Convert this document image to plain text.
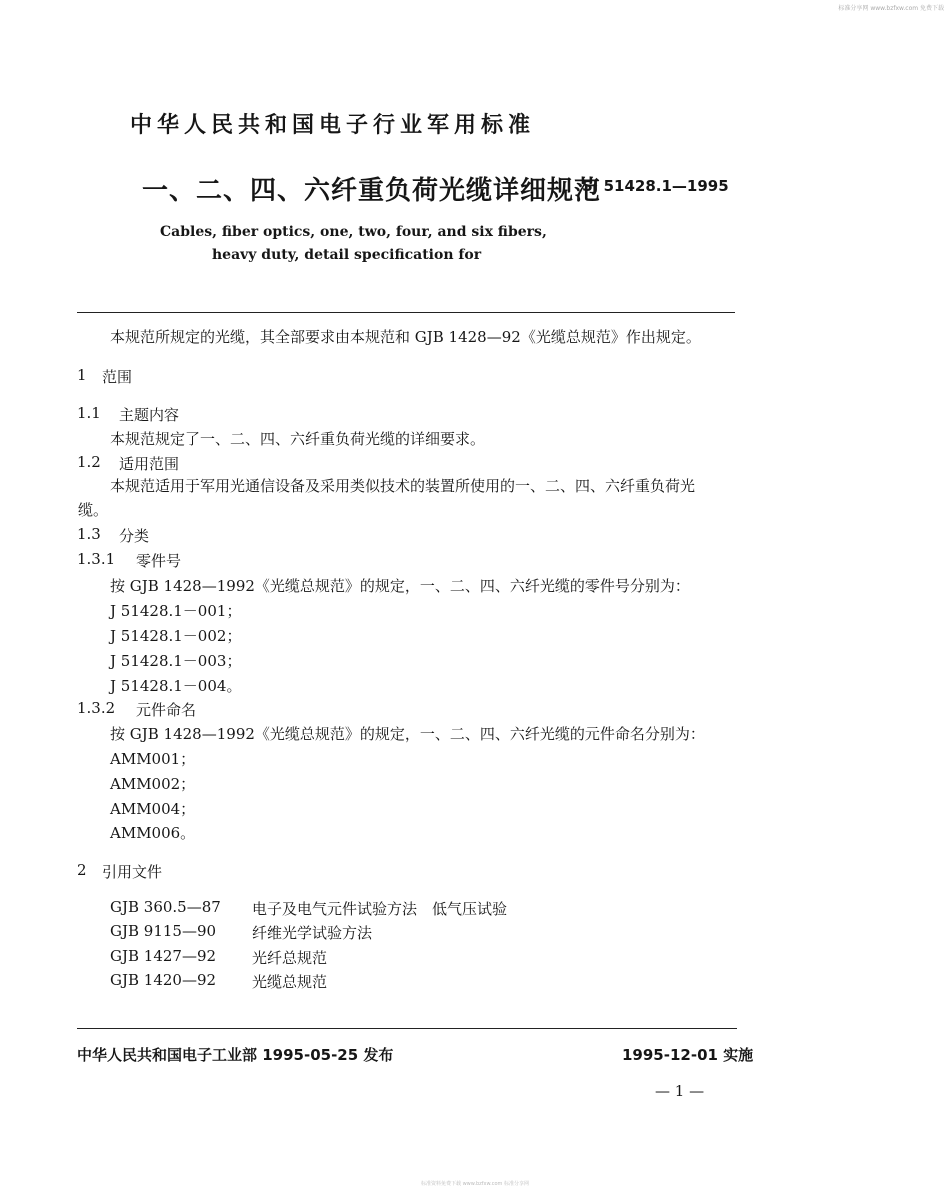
标准分享网 www.bzfxw.com 免费下载
中华人民共和国电子行业军用标准
一、二、四、六纤重负荷光缆详细规范
SJ 51428.1—1995
Cables, fiber optics, one, two, four, and six fibers,
heavy duty, detail specification for
本规范所规定的光缆，其全部要求由本规范和 GJB 1428—92《光缆总规范》作出规定。
1 范围
1.1 主题内容
本规范规定了一、二、四、六纤重负荷光缆的详细要求。
1.2 适用范围
本规范适用于军用光通信设备及采用类似技术的装置所使用的一、二、四、六纤重负荷光
缆。
1.3 分类
1.3.1 零件号
按 GJB 1428—1992《光缆总规范》的规定，一、二、四、六纤光缆的零件号分别为：
J 51428.1－001；
J 51428.1－002；
J 51428.1－003；
J 51428.1－004。
1.3.2 元件命名
按 GJB 1428—1992《光缆总规范》的规定，一、二、四、六纤光缆的元件命名分别为：
AMM001；
AMM002；
AMM004；
AMM006。
2 引用文件
GJB 360.5—87 电子及电气元件试验方法　低气压试验
GJB 9115—90 纤维光学试验方法
GJB 1427—92 光纤总规范
GJB 1420—92 光缆总规范
中华人民共和国电子工业部 1995-05-25 发布	1995-12-01 实施
— 1 —
标准资料免费下载 www.bzfxw.com 标准分享网
